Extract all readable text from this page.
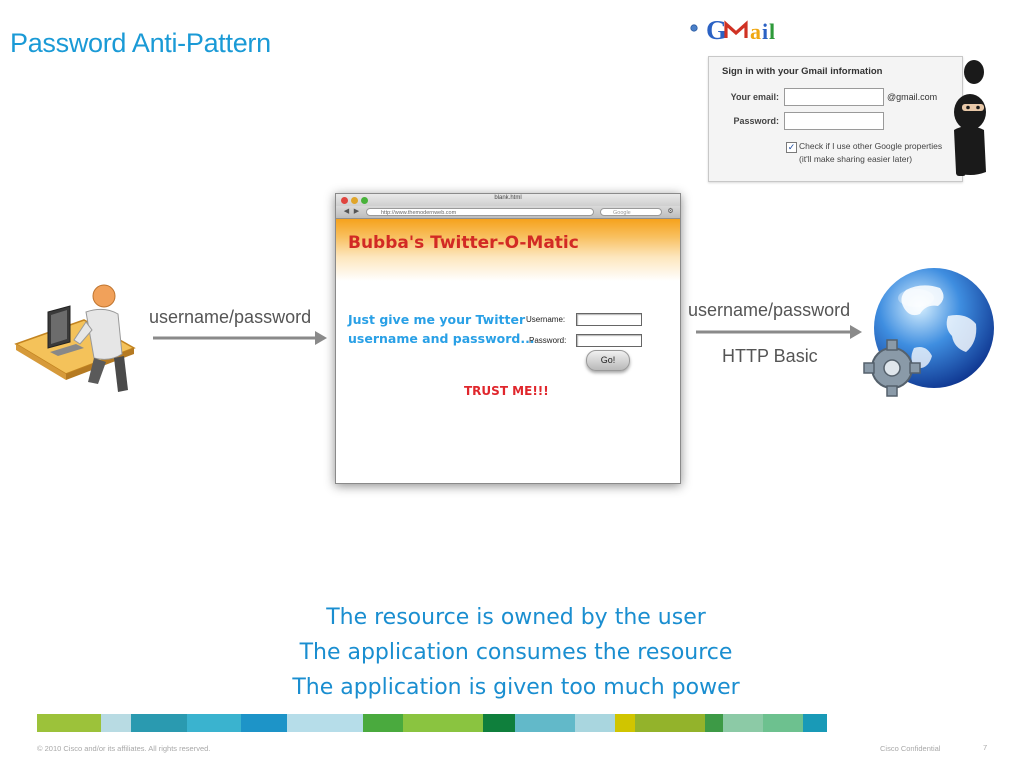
Password Anti-Pattern	G a i l
Sign in with your Gmail information
Your email:	@gmail.com
Password:
✓ Check if I use other Google properties
(it'll make sharing easier later)
username/password
blank.html
◀ ▶	http://www.themodernweb.com	Google	⚙
Bubba's Twitter-O-Matic
Just give me your Twitter
username and password...
Username:
Password:
Go!
TRUST ME!!!
username/password
HTTP Basic
The resource is owned by the user
The application consumes the resource
The application is given too much power
© 2010 Cisco and/or its affiliates. All rights reserved.	Cisco Confidential	7
